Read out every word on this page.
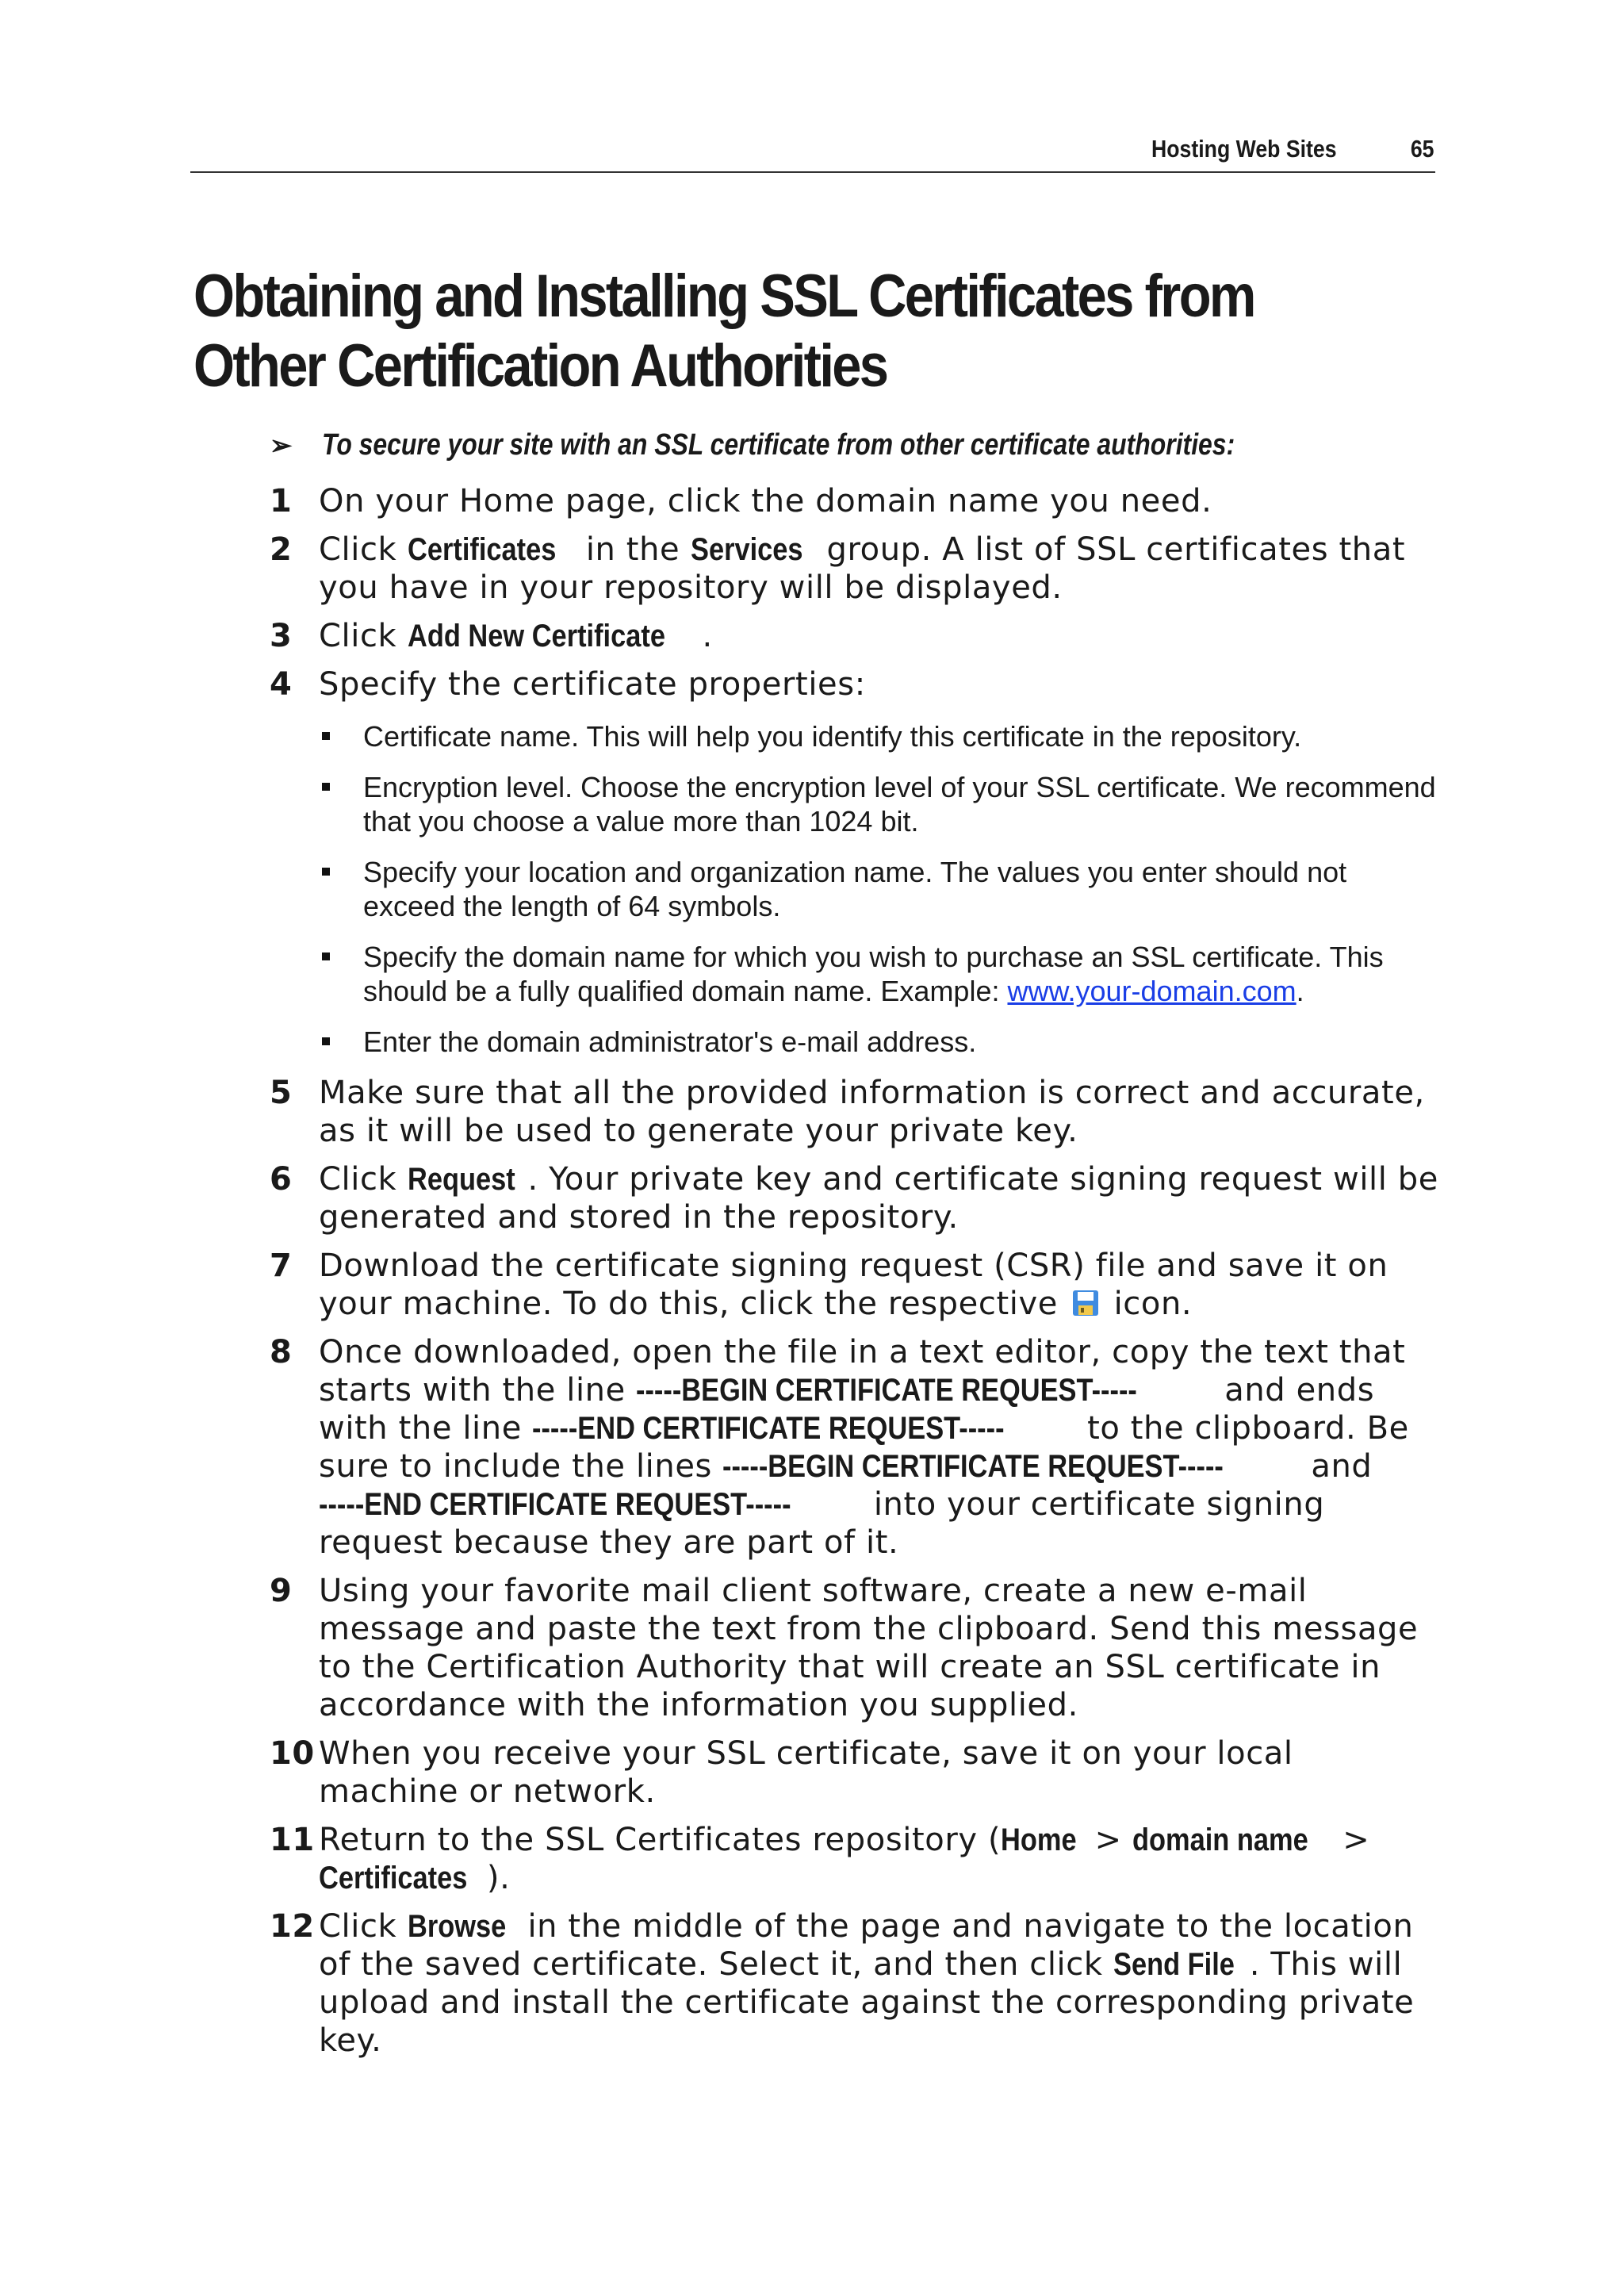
Hosting Web Sites	65
Obtaining and Installing SSL Certificates from Other Certification Authorities
➢ To secure your site with an SSL certificate from other certificate authorities:
1 On your Home page, click the domain name you need.
2 Click Certificates in the Services group. A list of SSL certificates that you have in your repository will be displayed.
3 Click Add New Certificate .
4 Specify the certificate properties:
Certificate name. This will help you identify this certificate in the repository.
Encryption level. Choose the encryption level of your SSL certificate. We recommend that you choose a value more than 1024 bit.
Specify your location and organization name. The values you enter should not exceed the length of 64 symbols.
Specify the domain name for which you wish to purchase an SSL certificate. This should be a fully qualified domain name. Example: www.your-domain.com.
Enter the domain administrator's e-mail address.
5 Make sure that all the provided information is correct and accurate, as it will be used to generate your private key.
6 Click Request . Your private key and certificate signing request will be generated and stored in the repository.
7 Download the certificate signing request (CSR) file and save it on your machine. To do this, click the respective  icon.
8 Once downloaded, open the file in a text editor, copy the text that starts with the line -----BEGIN CERTIFICATE REQUEST----- and ends with the line -----END CERTIFICATE REQUEST----- to the clipboard. Be sure to include the lines -----BEGIN CERTIFICATE REQUEST----- and -----END CERTIFICATE REQUEST----- into your certificate signing request because they are part of it.
9 Using your favorite mail client software, create a new e-mail message and paste the text from the clipboard. Send this message to the Certification Authority that will create an SSL certificate in accordance with the information you supplied.
10 When you receive your SSL certificate, save it on your local machine or network.
11 Return to the SSL Certificates repository (Home > domain name > Certificates ).
12 Click Browse in the middle of the page and navigate to the location of the saved certificate. Select it, and then click Send File . This will upload and install the certificate against the corresponding private key.
